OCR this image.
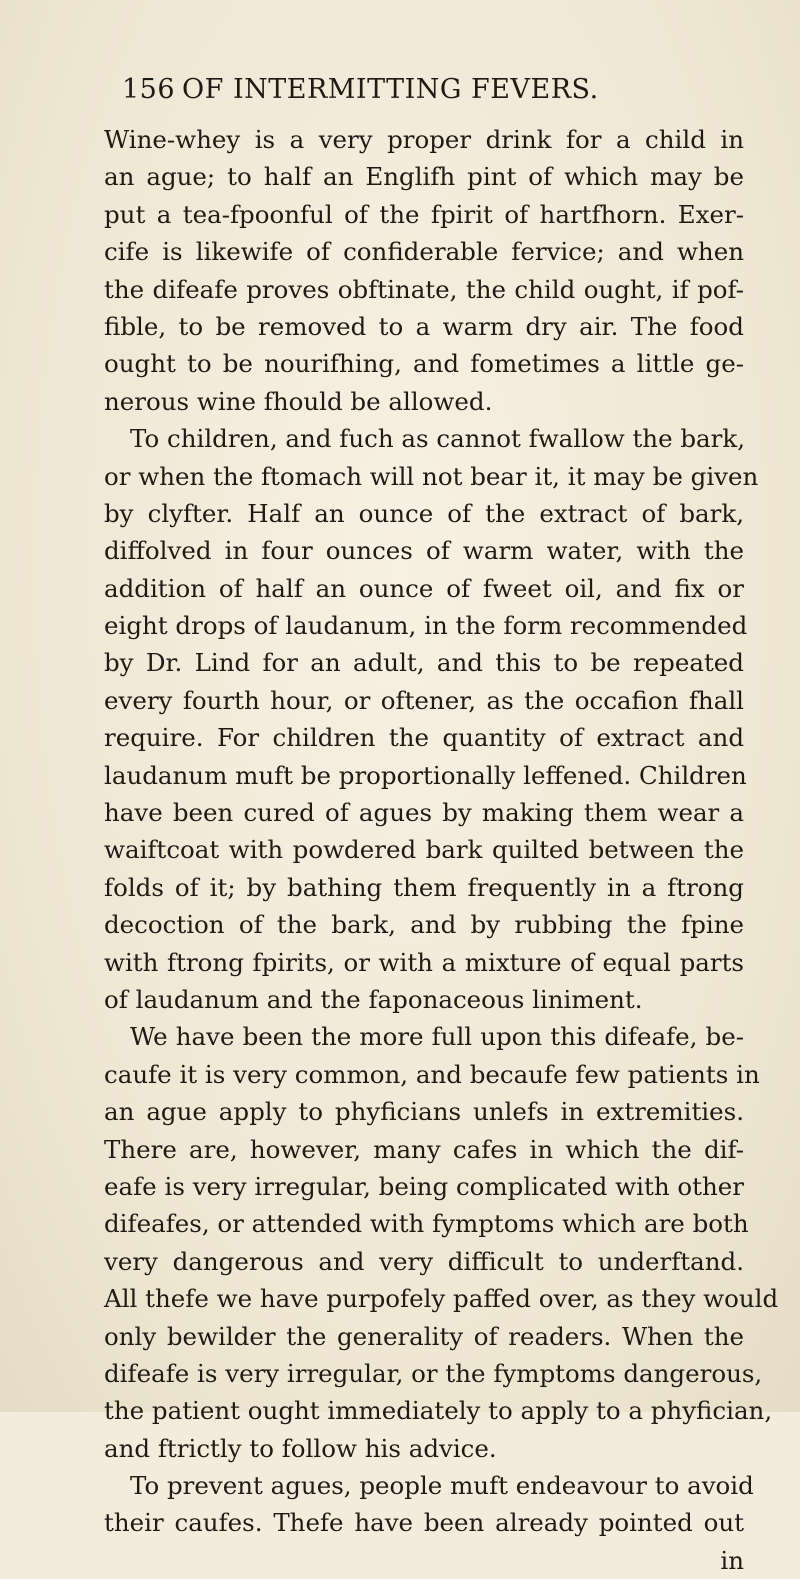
156 OF INTERMITTING FEVERS.
Wine-whey is a very proper drink for a child in
an ague; to half an Englifh pint of which may be
put a tea-fpoonful of the fpirit of hartfhorn. Exer-
cife is likewife of confiderable fervice; and when
the difeafe proves obftinate, the child ought, if pof-
fible, to be removed to a warm dry air. The food
ought to be nourifhing, and fometimes a little ge-
nerous wine fhould be allowed.
To children, and fuch as cannot fwallow the bark,
or when the ftomach will not bear it, it may be given
by clyfter. Half an ounce of the extract of bark,
diffolved in four ounces of warm water, with the
addition of half an ounce of fweet oil, and fix or
eight drops of laudanum, in the form recommended
by Dr. Lind for an adult, and this to be repeated
every fourth hour, or oftener, as the occafion fhall
require. For children the quantity of extract and
laudanum muft be proportionally leffened. Children
have been cured of agues by making them wear a
waiftcoat with powdered bark quilted between the
folds of it; by bathing them frequently in a ftrong
decoction of the bark, and by rubbing the fpine
with ftrong fpirits, or with a mixture of equal parts
of laudanum and the faponaceous liniment.
We have been the more full upon this difeafe, be-
caufe it is very common, and becaufe few patients in
an ague apply to phyficians unlefs in extremities.
There are, however, many cafes in which the dif-
eafe is very irregular, being complicated with other
difeafes, or attended with fymptoms which are both
very dangerous and very difficult to underftand.
All thefe we have purpofely paffed over, as they would
only bewilder the generality of readers. When the
difeafe is very irregular, or the fymptoms dangerous,
the patient ought immediately to apply to a phyfician,
and ftrictly to follow his advice.
To prevent agues, people muft endeavour to avoid
their caufes. Thefe have been already pointed out
in
